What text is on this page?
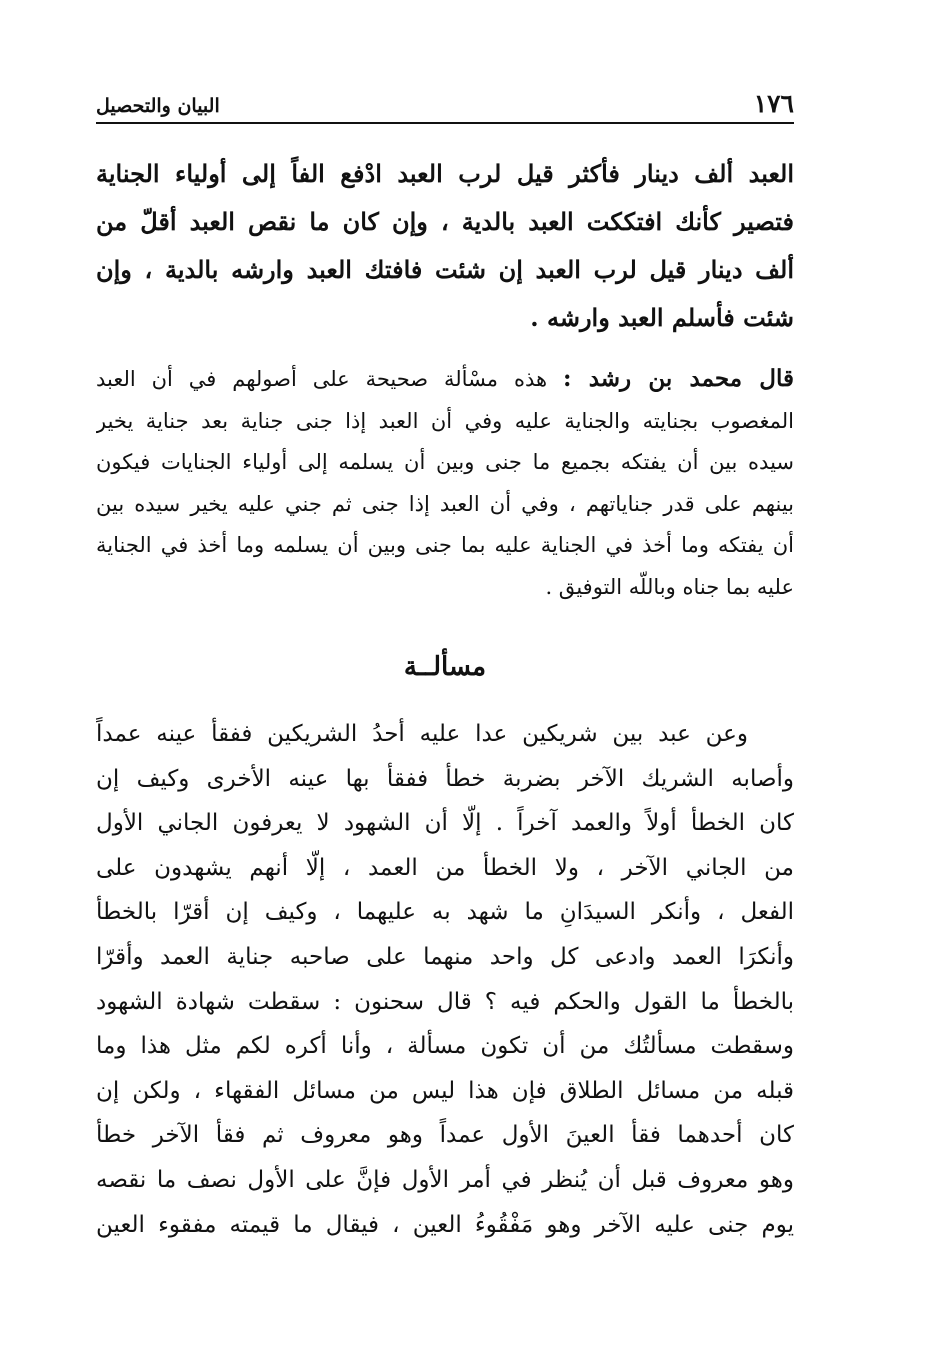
١٧٦
البيان والتحصيل
العبد ألف دينار فأكثر قيل لرب العبد ادْفع الفاً إلى أولياء الجناية
فتصير كأنك افتككت العبد بالدية ، وإن كان ما نقص العبد أقلّ من
ألف دينار قيل لرب العبد إن شئت فافتك العبد وارشه بالدية ، وإن
شئت فأسلم العبد وارشه .
قال محمد بن رشد : هذه مسْألة صحيحة على أصولهم في أن العبد
المغصوب بجنايته والجناية عليه وفي أن العبد إذا جنى جناية بعد جناية يخير
سيده بين أن يفتكه بجميع ما جنى وبين أن يسلمه إلى أولياء الجنايات فيكون
بينهم على قدر جناياتهم ، وفي أن العبد إذا جنى ثم جني عليه يخير سيده بين
أن يفتكه وما أخذ في الجناية عليه بما جنى وبين أن يسلمه وما أخذ في الجناية
عليه بما جناه وباللّه التوفيق .
مسألــة
وعن عبد بين شريكين عدا عليه أحدُ الشريكين ففقأ عينه عمداً
وأصابه الشريك الآخر بضربة خطأ ففقأ بها عينه الأخرى وكيف إن
كان الخطأ أولاً والعمد آخراً . إلّا أن الشهود لا يعرفون الجاني الأول
من الجاني الآخر ، ولا الخطأ من العمد ، إلّا أنهم يشهدون على
الفعل ، وأنكر السيدَانِ ما شهد به عليهما ، وكيف إن أقرّا بالخطأ
وأنكرَا العمد وادعى كل واحد منهما على صاحبه جناية العمد وأقرّا
بالخطأ ما القول والحكم فيه ؟ قال سحنون : سقطت شهادة الشهود
وسقطت مسألتُك من أن تكون مسألة ، وأنا أكره لكم مثل هذا وما
قبله من مسائل الطلاق فإن هذا ليس من مسائل الفقهاء ، ولكن إن
كان أحدهما فقأ العينَ الأول عمداً وهو معروف ثم فقأ الآخر خطأ
وهو معروف قبل أن يُنظر في أمر الأول فإنَّ على الأول نصف ما نقصه
يوم جنى عليه الآخر وهو مَفْقُوءُ العين ، فيقال ما قيمته مفقوء العين
